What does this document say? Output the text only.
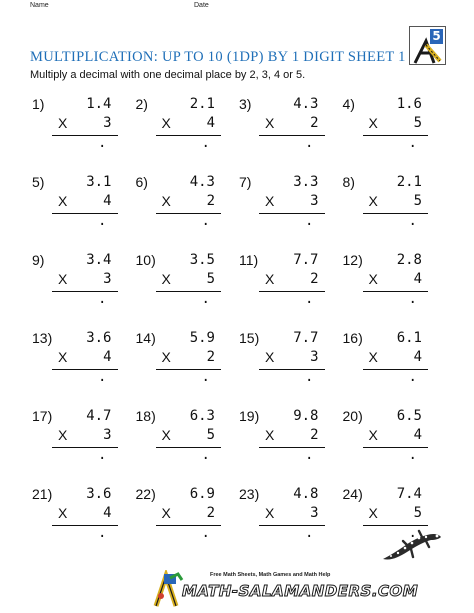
Name	Date
MULTIPLICATION: UP TO 10 (1DP) BY 1 DIGIT SHEET 1
Multiply a decimal with one decimal place by 2, 3, 4 or 5.
5
1)	1.4
X	3
.
2)	2.1
X	4
.
3)	4.3
X	2
.
4)	1.6
X	5
.
5)	3.1
X	4
.
6)	4.3
X	2
.
7)	3.3
X	3
.
8)	2.1
X	5
.
9)	3.4
X	3
.
10) 3.5
X	5
.
11)	7.7
X	2
.
12) 2.8
X	4
.
13) 3.6
X	4
.
14) 5.9
X	2
.
15) 7.7
X	3
.
16) 6.1
X	4
.
17) 4.7
X	3
.
18) 6.3
X	5
.
19) 9.8
X	2
.
20) 6.5
X	4
.
21) 3.6
X	4
.
22) 6.9
X	2
.
23) 4.8
X	3
.
24) 7.4
X	5
.
Free Math Sheets, Math Games and Math Help
MATH-SALAMANDERS.COM
